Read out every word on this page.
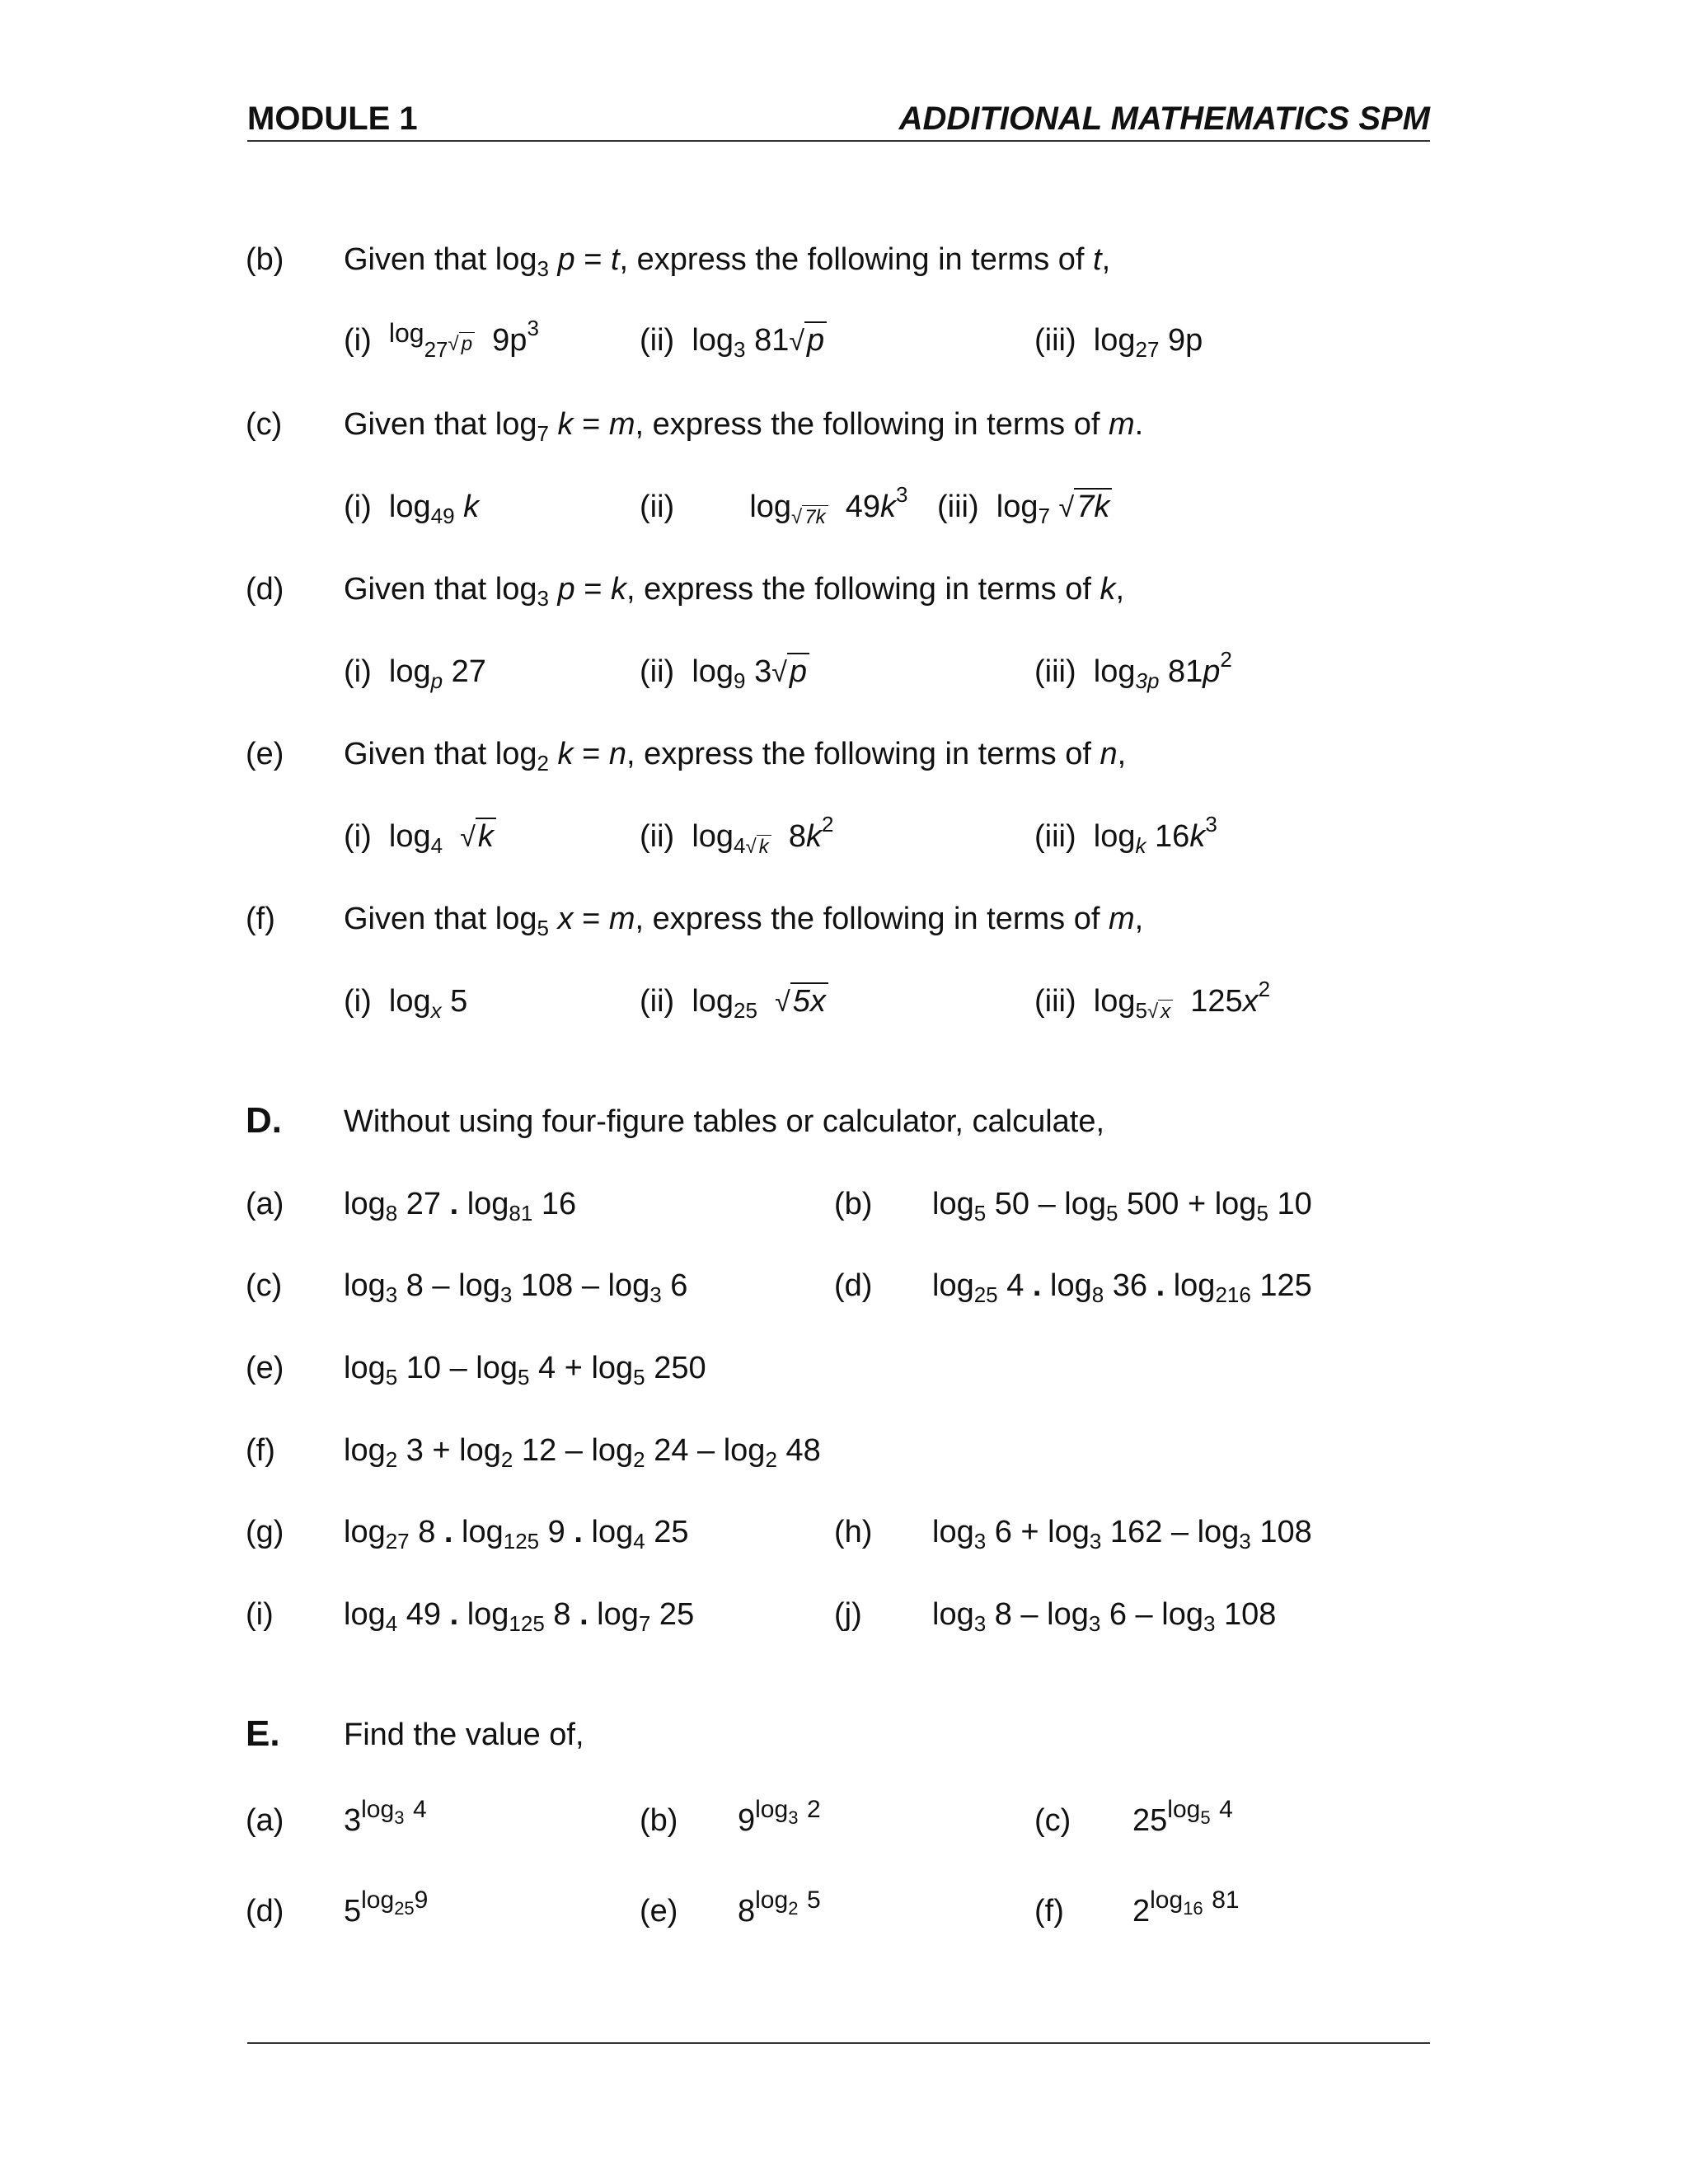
MODULE 1	ADDITIONAL MATHEMATICS SPM
(b) Given that $\log_3 p = t$, express the following in terms of t,
(i) $^{log}_{27}$√ p $9p^3$	(ii) $\log_3 81√p$	(iii) $\log_{27} 9p$
(c) Given that $\log_7 k = m$, express the following in terms of m.
(i) $\log_{49} k$	(ii) $\log_{√ 7k} 49k^3$ (iii) $\log_7 √7k$
(d) Given that $\log_3 p = k$, express the following in terms of k,
(i) $\log_p 27$	(ii) $\log_9 3√p$	(iii) $\log_{3p} 81p^2$
(e) Given that $\log_2 k = n$, express the following in terms of n,
(i) $\log_4 √k$	(ii) $\log_{4√ k} 8k^2$	(iii) $\log_k 16k^3$
(f) Given that $\log_5 x = m$, express the following in terms of m,
(i) $\log_x 5$	(ii) $\log_{25} √5x$	(iii) $\log_{5√ x} 125x^2$
D. Without using four-figure tables or calculator, calculate,
(a) $\log_8 27$ . $\log_{81} 16$	(b) $\log_5 50 - \log_5 500 + \log_5 10$
(c) $\log_3 8 - \log_3 108 - \log_3 6$	(d) $\log_{25} 4$ . $\log_8 36$ . $\log_{216} 125$
(e) $\log_5 10 - \log_5 4 + \log_5 250$
(f) $\log_2 3 + \log_2 12 - \log_2 24 - \log_2 48$
(g) $\log_{27} 8$ . $\log_{125} 9$ . $\log_4 25$	(h) $\log_3 6 + \log_3 162 - \log_3 108$
(i) $\log_4 49$ . $\log_{125} 8$ . $\log_7 25$	(j) $\log_3 8 - \log_3 6 - \log_3 108$
E. Find the value of,
(a) $3^{log3}$ $^4$	(b) $9^{log3}$ $^2$	(c) $25^{log5}$ $^4$
(d) $5^{log259}$	(e) $8^{log2}$ $^5$	(f) $2^{log16}$ $^{81}$
